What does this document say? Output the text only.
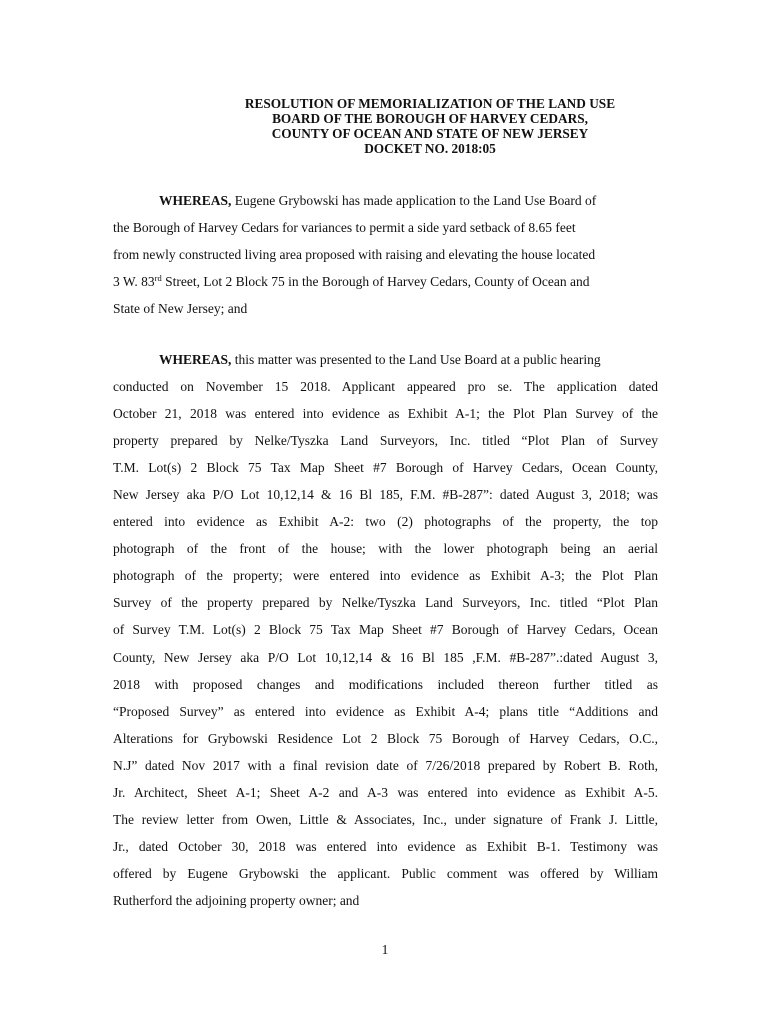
RESOLUTION OF MEMORIALIZATION OF THE LAND USE
BOARD OF THE BOROUGH OF HARVEY CEDARS,
COUNTY OF OCEAN AND STATE OF NEW JERSEY
DOCKET NO. 2018:05
WHEREAS, Eugene Grybowski has made application to the Land Use Board of
the Borough of Harvey Cedars for variances to permit a side yard setback of 8.65 feet
from newly constructed living area proposed with raising and elevating the house located
3 W. 83rd Street, Lot 2 Block 75 in the Borough of Harvey Cedars, County of Ocean and
State of New Jersey; and
WHEREAS, this matter was presented to the Land Use Board at a public hearing
conducted on November 15 2018. Applicant appeared pro se. The application dated
October 21, 2018 was entered into evidence as Exhibit A-1; the Plot Plan Survey of the
property prepared by Nelke/Tyszka Land Surveyors, Inc. titled “Plot Plan of Survey
T.M. Lot(s) 2 Block 75 Tax Map Sheet #7 Borough of Harvey Cedars, Ocean County,
New Jersey aka P/O Lot 10,12,14 & 16 Bl 185, F.M. #B-287”: dated August 3, 2018; was
entered into evidence as Exhibit A-2: two (2) photographs of the property, the top
photograph of the front of the house; with the lower photograph being an aerial
photograph of the property; were entered into evidence as Exhibit A-3; the Plot Plan
Survey of the property prepared by Nelke/Tyszka Land Surveyors, Inc. titled “Plot Plan
of Survey T.M. Lot(s) 2 Block 75 Tax Map Sheet #7 Borough of Harvey Cedars, Ocean
County, New Jersey aka P/O Lot 10,12,14 & 16 Bl 185 ,F.M. #B-287”.:dated August 3,
2018 with proposed changes and modifications included thereon further titled as
“Proposed Survey” as entered into evidence as Exhibit A-4; plans title “Additions and
Alterations for Grybowski Residence Lot 2 Block 75 Borough of Harvey Cedars, O.C.,
N.J” dated Nov 2017 with a final revision date of 7/26/2018 prepared by Robert B. Roth,
Jr. Architect, Sheet A-1; Sheet A-2 and A-3 was entered into evidence as Exhibit A-5.
The review letter from Owen, Little & Associates, Inc., under signature of Frank J. Little,
Jr., dated October 30, 2018 was entered into evidence as Exhibit B-1. Testimony was
offered by Eugene Grybowski the applicant. Public comment was offered by William
Rutherford the adjoining property owner; and
1
